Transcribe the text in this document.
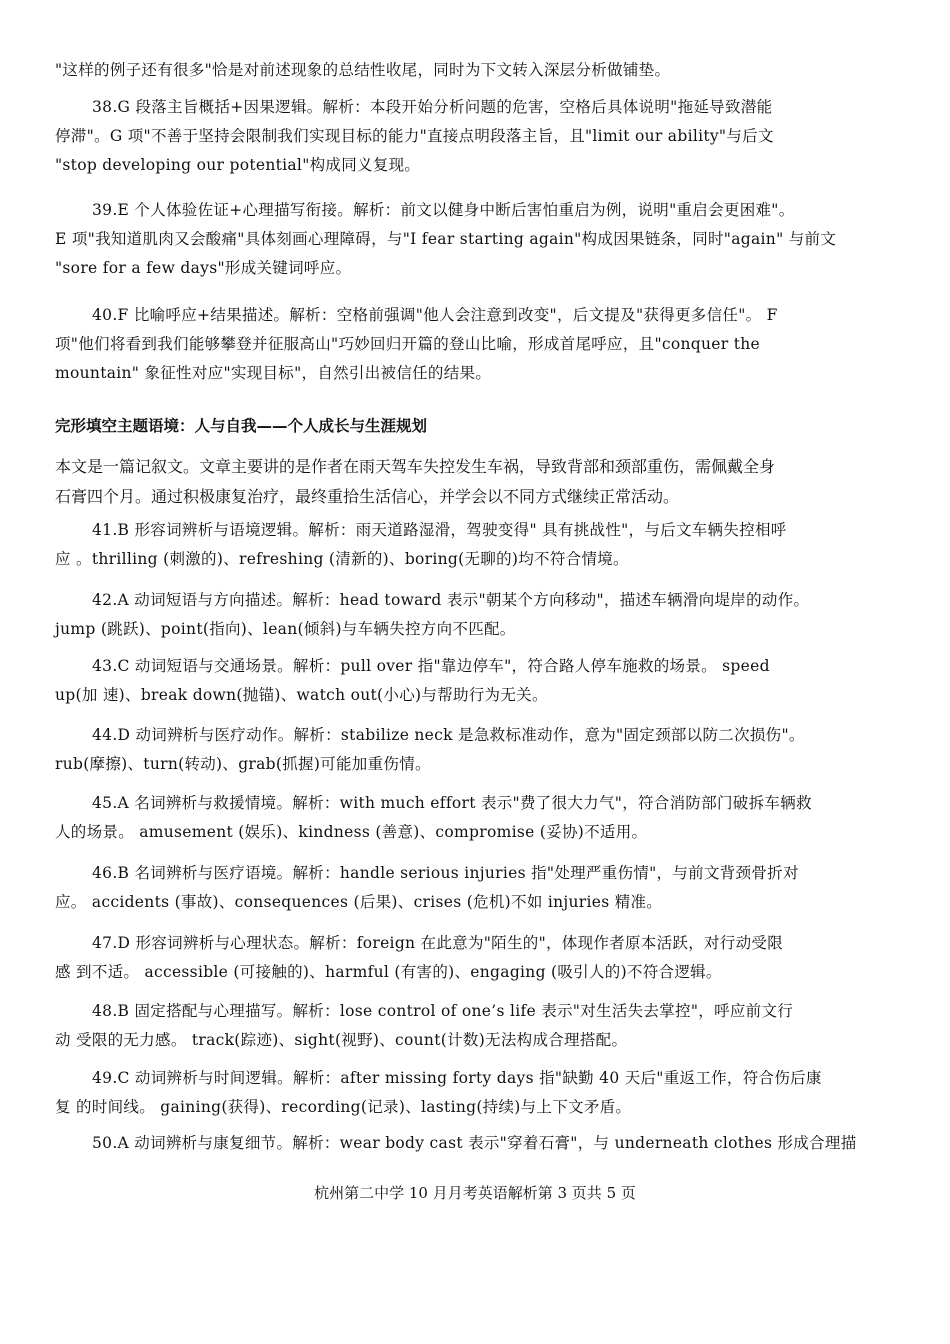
"这样的例子还有很多"恰是对前述现象的总结性收尾，同时为下文转入深层分析做铺垫。
38.G 段落主旨概括+因果逻辑。解析：本段开始分析问题的危害，空格后具体说明"拖延导致潜能
停滞"。G 项"不善于坚持会限制我们实现目标的能力"直接点明段落主旨，且"limit our ability"与后文
"stop developing our potential"构成同义复现。
39.E 个人体验佐证+心理描写衔接。解析：前文以健身中断后害怕重启为例，说明"重启会更困难"。
E 项"我知道肌肉又会酸痛"具体刻画心理障碍，与"I fear starting again"构成因果链条，同时"again" 与前文
"sore for a few days"形成关键词呼应。
40.F 比喻呼应+结果描述。解析：空格前强调"他人会注意到改变"，后文提及"获得更多信任"。 F
项"他们将看到我们能够攀登并征服高山"巧妙回归开篇的登山比喻，形成首尾呼应，且"conquer the
mountain" 象征性对应"实现目标"，自然引出被信任的结果。
完形填空主题语境：人与自我——个人成长与生涯规划
本文是一篇记叙文。文章主要讲的是作者在雨天驾车失控发生车祸，导致背部和颈部重伤，需佩戴全身
石膏四个月。通过积极康复治疗，最终重拾生活信心，并学会以不同方式继续正常活动。
41.B 形容词辨析与语境逻辑。解析：雨天道路湿滑，驾驶变得" 具有挑战性"，与后文车辆失控相呼
应 。thrilling (刺激的)、refreshing (清新的)、boring(无聊的)均不符合情境。
42.A 动词短语与方向描述。解析：head toward 表示"朝某个方向移动"，描述车辆滑向堤岸的动作。
jump (跳跃)、point(指向)、lean(倾斜)与车辆失控方向不匹配。
43.C 动词短语与交通场景。解析：pull over 指"靠边停车"，符合路人停车施救的场景。 speed
up(加 速)、break down(抛锚)、watch out(小心)与帮助行为无关。
44.D 动词辨析与医疗动作。解析：stabilize neck 是急救标准动作，意为"固定颈部以防二次损伤"。
rub(摩擦)、turn(转动)、grab(抓握)可能加重伤情。
45.A 名词辨析与救援情境。解析：with much effort 表示"费了很大力气"，符合消防部门破拆车辆救
人的场景。 amusement (娱乐)、kindness (善意)、compromise (妥协)不适用。
46.B 名词辨析与医疗语境。解析：handle serious injuries 指"处理严重伤情"，与前文背颈骨折对
应。 accidents (事故)、consequences (后果)、crises (危机)不如 injuries 精准。
47.D 形容词辨析与心理状态。解析：foreign 在此意为"陌生的"，体现作者原本活跃，对行动受限
感 到不适。 accessible (可接触的)、harmful (有害的)、engaging (吸引人的)不符合逻辑。
48.B 固定搭配与心理描写。解析：lose control of one’s life 表示"对生活失去掌控"，呼应前文行
动 受限的无力感。 track(踪迹)、sight(视野)、count(计数)无法构成合理搭配。
49.C 动词辨析与时间逻辑。解析：after missing forty days 指"缺勤 40 天后"重返工作，符合伤后康
复 的时间线。 gaining(获得)、recording(记录)、lasting(持续)与上下文矛盾。
50.A 动词辨析与康复细节。解析：wear body cast 表示"穿着石膏"，与 underneath clothes 形成合理描
杭州第二中学 10 月月考英语解析第 3 页共 5 页
